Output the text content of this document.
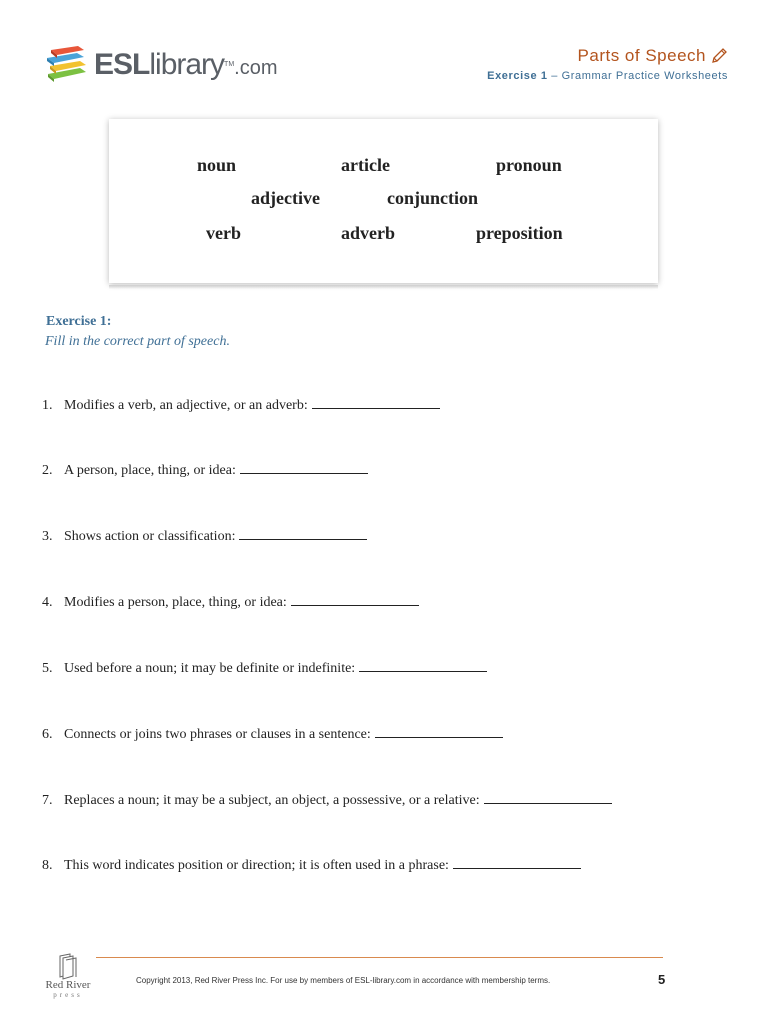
ESLlibrary™.com
Parts of Speech
Exercise 1 – Grammar Practice Worksheets
noun	article	pronoun
adjective	conjunction
verb	adverb	preposition
Exercise 1:
Fill in the correct part of speech.
1. Modifies a verb, an adjective, or an adverb:
2. A person, place, thing, or idea:
3. Shows action or classification:
4. Modifies a person, place, thing, or idea:
5. Used before a noun; it may be definite or indefinite:
6. Connects or joins two phrases or clauses in a sentence:
7. Replaces a noun; it may be a subject, an object, a possessive, or a relative:
8. This word indicates position or direction; it is often used in a phrase:
Red River
press
Copyright 2013, Red River Press Inc. For use by members of ESL-library.com in accordance with membership terms.	5
